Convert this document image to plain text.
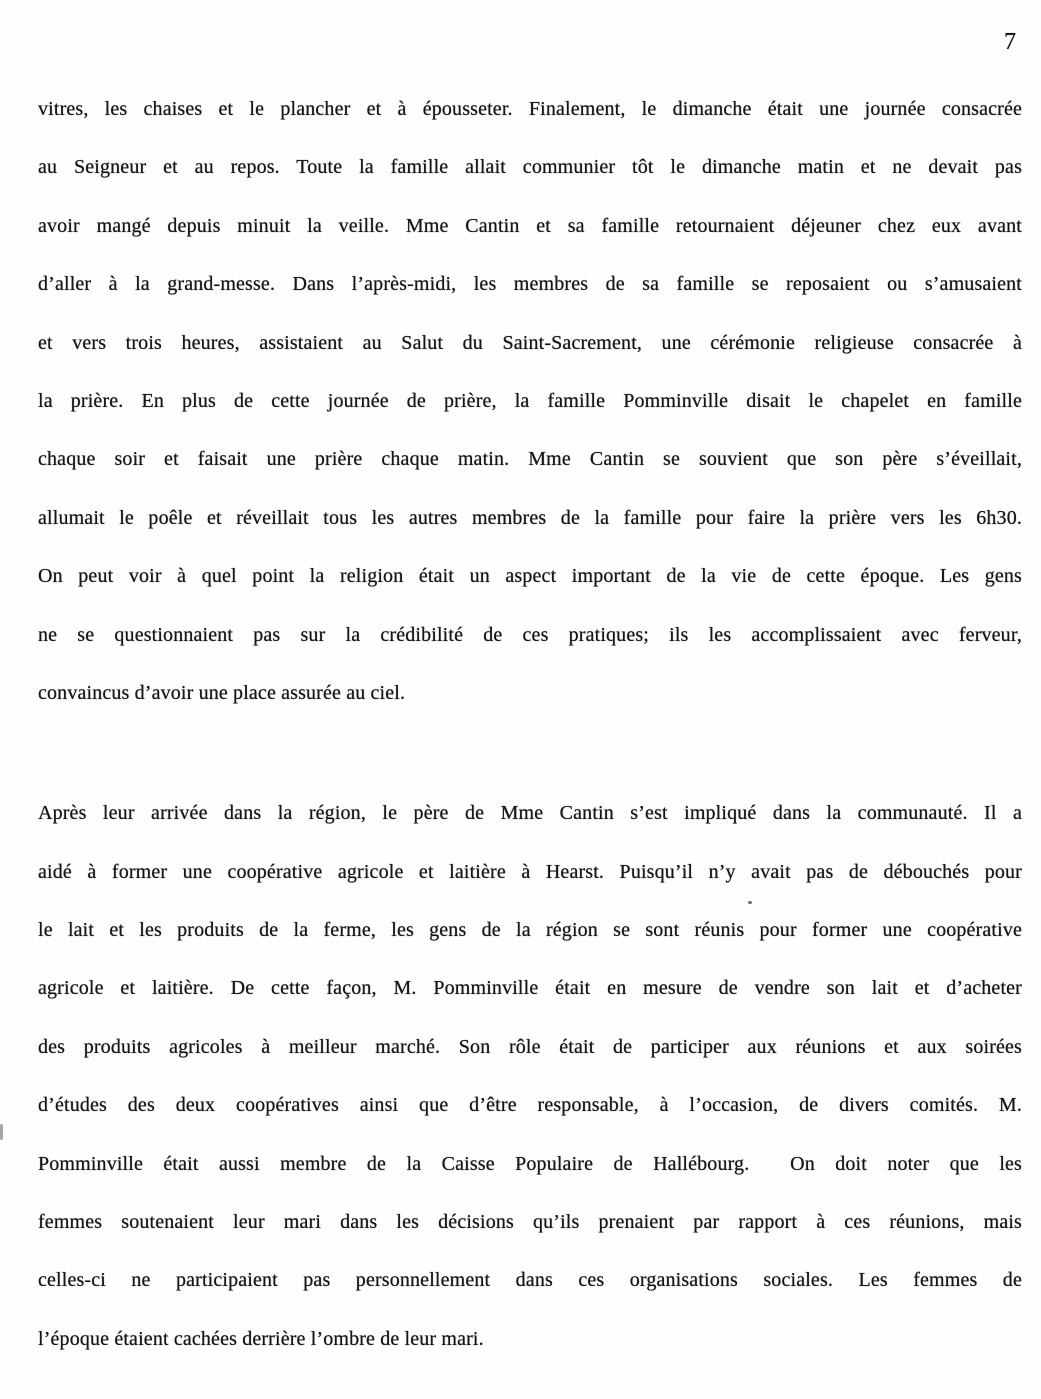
7
vitres, les chaises et le plancher et à épousseter. Finalement, le dimanche était une journée consacrée
au Seigneur et au repos. Toute la famille allait communier tôt le dimanche matin et ne devait pas
avoir mangé depuis minuit la veille. Mme Cantin et sa famille retournaient déjeuner chez eux avant
d’aller à la grand-messe. Dans l’après-midi, les membres de sa famille se reposaient ou s’amusaient
et vers trois heures, assistaient au Salut du Saint-Sacrement, une cérémonie religieuse consacrée à
la prière. En plus de cette journée de prière, la famille Pomminville disait le chapelet en famille
chaque soir et faisait une prière chaque matin. Mme Cantin se souvient que son père s’éveillait,
allumait le poêle et réveillait tous les autres membres de la famille pour faire la prière vers les 6h30.
On peut voir à quel point la religion était un aspect important de la vie de cette époque. Les gens
ne se questionnaient pas sur la crédibilité de ces pratiques; ils les accomplissaient avec ferveur,
convaincus d’avoir une place assurée au ciel.
Après leur arrivée dans la région, le père de Mme Cantin s’est impliqué dans la communauté. Il a
aidé à former une coopérative agricole et laitière à Hearst. Puisqu’il n’y avait pas de débouchés pour
le lait et les produits de la ferme, les gens de la région se sont réunis pour former une coopérative
agricole et laitière. De cette façon, M. Pomminville était en mesure de vendre son lait et d’acheter
des produits agricoles à meilleur marché. Son rôle était de participer aux réunions et aux soirées
d’études des deux coopératives ainsi que d’être responsable, à l’occasion, de divers comités. M.
Pomminville était aussi membre de la Caisse Populaire de Hallébourg.  On doit noter que les
femmes soutenaient leur mari dans les décisions qu’ils prenaient par rapport à ces réunions, mais
celles-ci ne participaient pas personnellement dans ces organisations sociales. Les femmes de
l’époque étaient cachées derrière l’ombre de leur mari.
